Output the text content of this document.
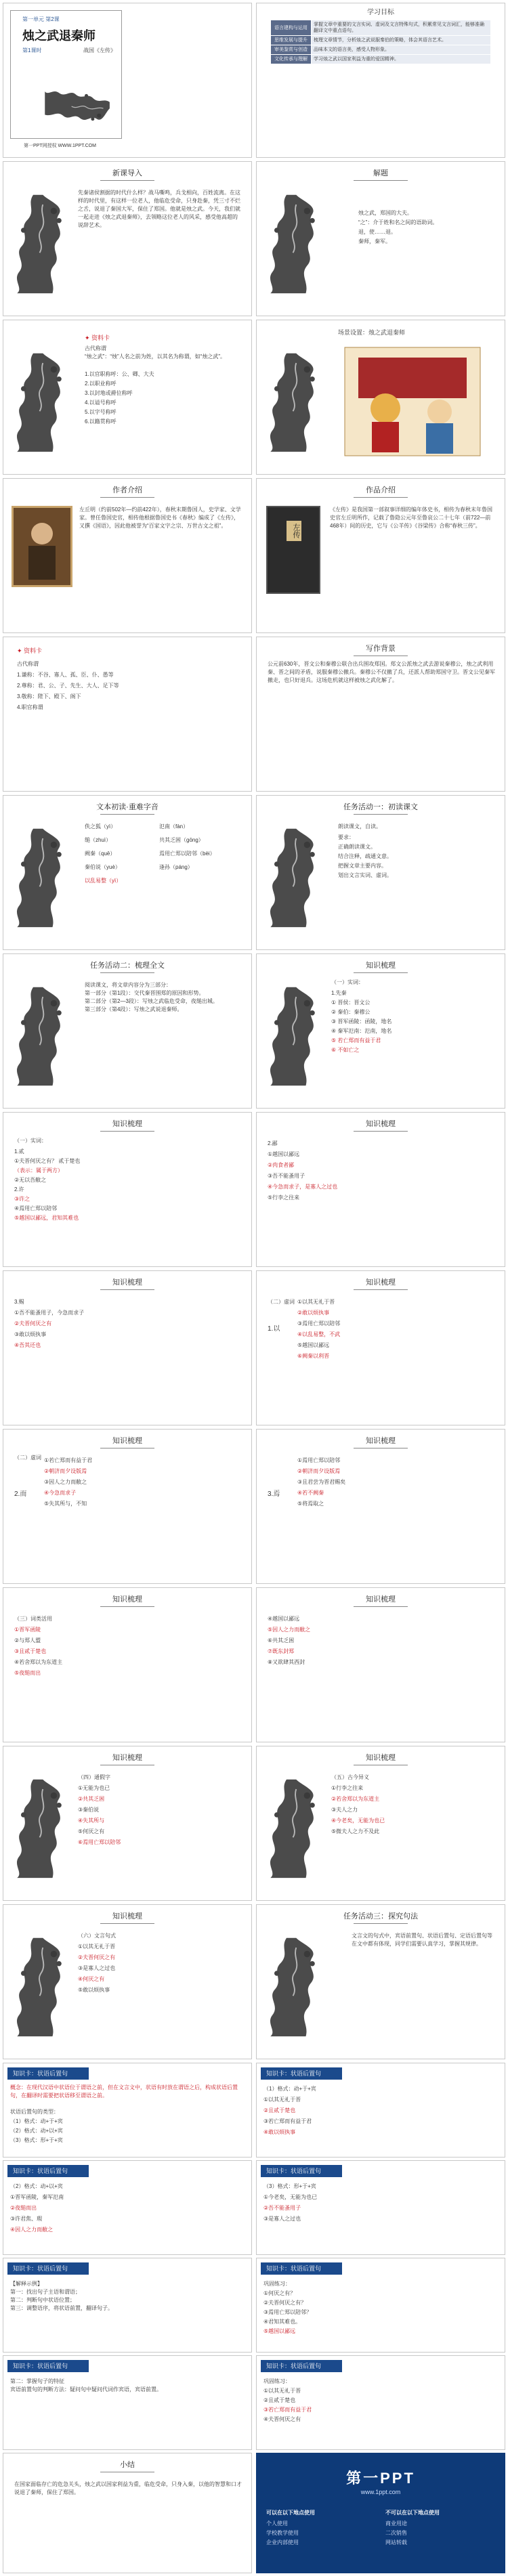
第一单元 第2课
烛之武退秦师
第1课时	战国《左传》
第一PPT网授权 WWW.1PPT.COM
学习目标
语言建构与运用	掌握文章中重要的文言实词、虚词及文言特殊句式，积累常见文言词汇，能够准确翻译文中重点语句。
思维发展与提升	梳理文章情节，分析烛之武说服秦伯的策略，体会其语言艺术。
审美鉴赏与创造	品味本文的语言美，感受人物形象。
文化传承与理解	学习烛之武以国家利益为重的爱国精神。
新课导入
先秦诸侯割据的时代什么样？战马嘶鸣，兵戈相向，百姓流离。在这样的时代里，有这样一位老人，他临危受命，只身赴秦，凭三寸不烂之舌，说退了秦国大军，保住了郑国。他就是烛之武。今天，我们就一起走进《烛之武退秦师》，去领略这位老人的风采，感受他高超的说辞艺术。
解题
烛之武，郑国的大夫。
“之”：介于姓和名之间的语助词。
退，使……退。
秦师，秦军。
✦ 资料卡
古代称谓
“烛之武”：“烛”人名之前为姓，以其名为称谓，如“烛之武”。
1.以官职称呼：公、卿、大夫
2.以职业称呼
3.以封地或爵位称呼
4.以谥号称呼
5.以字号称呼
6.以籍贯称呼
场景设置：烛之武退秦师
作者介绍
左丘明（约前502年—约前422年），春秋末期鲁国人，史学家、文学家。曾任鲁国史官，相传他根据鲁国史书《春秋》编成了《左传》，又撰《国语》，因此他被誉为“百家文字之宗、万世古文之祖”。
作品介绍
左传
《左传》是我国第一部叙事详细的编年体史书，相传为春秋末年鲁国史官左丘明所作，记载了鲁隐公元年至鲁哀公二十七年（前722—前468年）间的历史，它与《公羊传》《谷梁传》合称“春秋三传”。
✦ 资料卡
古代称谓
1.谦称：不谷、寡人、孤、臣、仆、愚等
2.尊称：君、公、子、先生、大人、足下等
3.敬称：陛下、殿下、阁下
4.职官称谓
写作背景
公元前630年，晋文公和秦穆公联合出兵围攻郑国。郑文公派烛之武去游说秦穆公，烛之武利用秦、晋之间的矛盾，说服秦穆公撤兵。秦穆公不仅撤了兵，还派人帮助郑国守卫。晋文公见秦军撤走，也只好退兵。这场危机就这样被烛之武化解了。
文本初读·重难字音
佚之狐（yì）	氾南（fàn）
缒（zhuì）	共其乏困（gōng）
阙秦（quē）	焉用亡郑以陪邻（bèi）
秦伯说（yuè）	逢孙（páng）
以乱易整（yì）
任务活动一：初读课文
朗读课文，自读。
要求：
正确朗读课文。
结合注释，疏通文意。
把握文章主要内容。
划出文言实词、虚词。
任务活动二：梳理全文
阅读课文，将文章内容分为三部分：
第一部分（第1段）：交代秦晋围郑的原因和形势。
第二部分（第2—3段）：写烛之武临危受命，夜缒出城。
第三部分（第4段）：写烛之武说退秦师。
知识梳理
（一）实词：
1.先秦
① 晋侯：晋文公
② 秦伯：秦穆公
③ 晋军函陵：函陵，地名
④ 秦军氾南：氾南，地名
⑤ 若亡郑而有益于君
⑥ 不如亡之
知识梳理
（一）实词：
1.贰
①夫晋何厌之有？ 贰于楚也
（表示：属于两方）
②无以吾敝之
2.许
③许之
④焉用亡郑以陪邻
⑤越国以鄙远，君知其难也
知识梳理
2.鄙
①越国以鄙远
②肉食者鄙
③吾不能蚤用子
④今急而求子，是寡人之过也
⑤行李之往来
知识梳理
3.赐
①吾不能蚤用子，今急而求子
②夫晋何厌之有
③敢以烦执事
④吾其还也
知识梳理
（二）虚词
1.以
①以其无礼于晋
②敢以烦执事
③焉用亡郑以陪邻
④以乱易整，不武
⑤越国以鄙远
⑥阙秦以利晋
知识梳理
（二）虚词
2.而
①若亡郑而有益于君
②朝济而夕设版焉
③因人之力而敝之
④今急而求子
⑤失其所与，不知
知识梳理
3.焉
①焉用亡郑以陪邻
②朝济而夕设版焉
③且君尝为晋君赐矣
④若不阙秦
⑤将焉取之
知识梳理
（三）词类活用
①晋军函陵
②与郑人盟
③且贰于楚也
④若舍郑以为东道主
⑤夜缒而出
知识梳理
④越国以鄙远
⑤因人之力而敝之
⑥共其乏困
⑦既东封郑
⑧又欲肆其西封
知识梳理
（四）通假字
①无能为也已
②共其乏困
③秦伯说
④失其所与
⑤何厌之有
⑥焉用亡郑以陪邻
知识梳理
（五）古今异义
①行李之往来
②若舍郑以为东道主
③夫人之力
④今老矣，无能为也已
⑤微夫人之力不及此
知识梳理
（六）文言句式
①以其无礼于晋
②夫晋何厌之有
③是寡人之过也
④何厌之有
⑤敢以烦执事
任务活动三：探究句法
文言文的句式中，宾语前置句、状语后置句、定语后置句等在文中都有体现，同学们需要认真学习，掌握其规律。
知识卡：状语后置句
概念：在现代汉语中状语位于谓语之前，但在文言文中，状语有时放在谓语之后，构成状语后置句，在翻译时需要把状语移至谓语之前。
状语后置句的类型：
（1）格式：动+于+宾
（2）格式：动+以+宾
（3）格式：形+于+宾
知识卡：状语后置句
（1）格式：动+于+宾
①以其无礼于晋
②且贰于楚也
③若亡郑而有益于君
④敢以烦执事
知识卡：状语后置句
（2）格式：动+以+宾
①晋军函陵，秦军氾南
②夜缒而出
③许君焦、瑕
④因人之力而敝之
知识卡：状语后置句
（3）格式：形+于+宾
①今老矣，无能为也已
②吾不能蚤用子
③是寡人之过也
知识卡：状语后置句
【解释示例】
第一：找出句子主语和谓语；
第二：判断句中状语位置；
第三：调整语序，将状语前置，翻译句子。
知识卡：状语后置句
巩固练习：
①何厌之有？
②夫晋何厌之有？
③焉用亡郑以陪邻？
④君知其难也。
⑤越国以鄙远
知识卡：状语后置句
第二：掌握句子的特征
宾语前置句的判断方法：疑问句中疑问代词作宾语，宾语前置。
知识卡：状语后置句
巩固练习：
①以其无礼于晋
②且贰于楚也
③若亡郑而有益于君
④夫晋何厌之有
小结
在国家面临存亡的危急关头，烛之武以国家利益为重，临危受命，只身入秦，以他的智慧和口才说退了秦师，保住了郑国。
第一PPT
www.1ppt.com
可以在以下地点使用
个人使用
学校教学使用
企业内部使用
不可以在以下地点使用
商业用途
二次销售
网站转载
